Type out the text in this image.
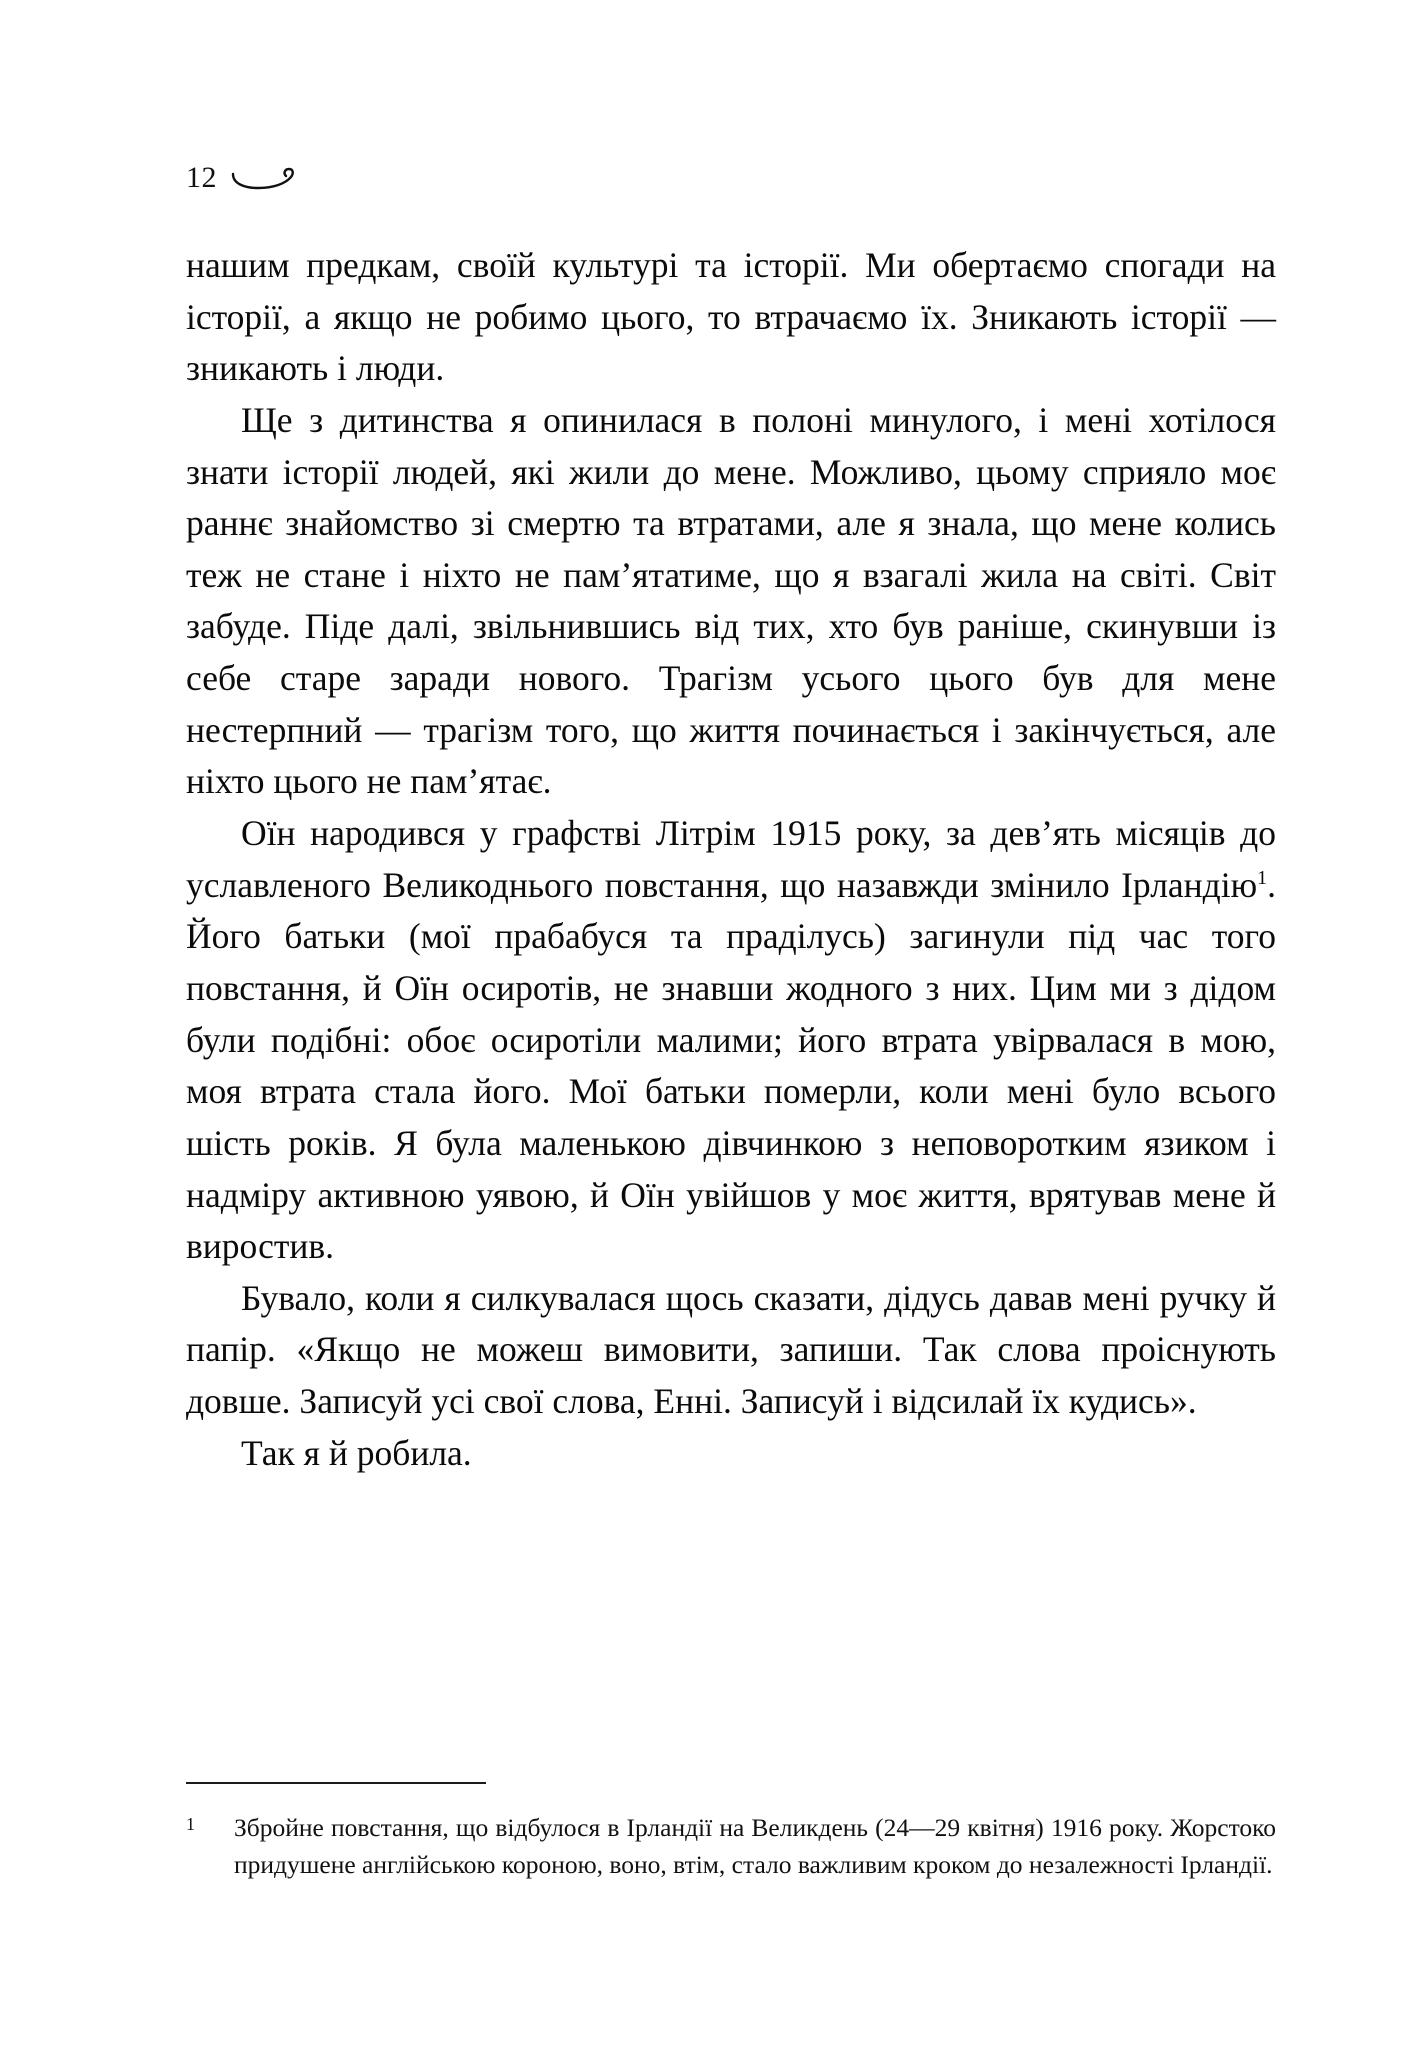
12

нашим предкам, своїй культурі та історії. Ми обертаємо спогади на історії, а якщо не робимо цього, то втрачаємо їх. Зникають історії — зникають і люди.

Ще з дитинства я опинилася в полоні минулого, і мені хотілося знати історії людей, які жили до мене. Можливо, цьому сприяло моє раннє знайомство зі смертю та втратами, але я знала, що мене колись теж не стане і ніхто не пам’ятатиме, що я взагалі жила на світі. Світ забуде. Піде далі, звільнившись від тих, хто був раніше, скинувши із себе старе заради нового. Трагізм усього цього був для мене нестерпний — трагізм того, що життя починається і закінчується, але ніхто цього не пам’ятає.

Оїн народився у графстві Літрім 1915 року, за дев’ять місяців до уславленого Великоднього повстання, що назавжди змінило Ірландію$^1$. Його батьки (мої прабабуся та праділусь) загинули під час того повстання, й Оїн осиротів, не знавши жодного з них. Цим ми з дідом були подібні: обоє осиротіли малими; його втрата увірвалася в мою, моя втрата стала його. Мої батьки померли, коли мені було всього шість років. Я була маленькою дівчинкою з неповоротким язиком і надміру активною уявою, й Оїн увійшов у моє життя, врятував мене й виростив.

Бувало, коли я силкувалася щось сказати, дідусь давав мені ручку й папір. «Якщо не можеш вимовити, запиши. Так слова проіснують довше. Записуй усі свої слова, Енні. Записуй і відсилай їх кудись».

Так я й робила.

1	Збройне повстання, що відбулося в Ірландії на Великдень (24—29 квітня) 1916 року. Жорстоко придушене англійською короною, воно, втім, стало важливим кроком до незалежності Ірландії.
